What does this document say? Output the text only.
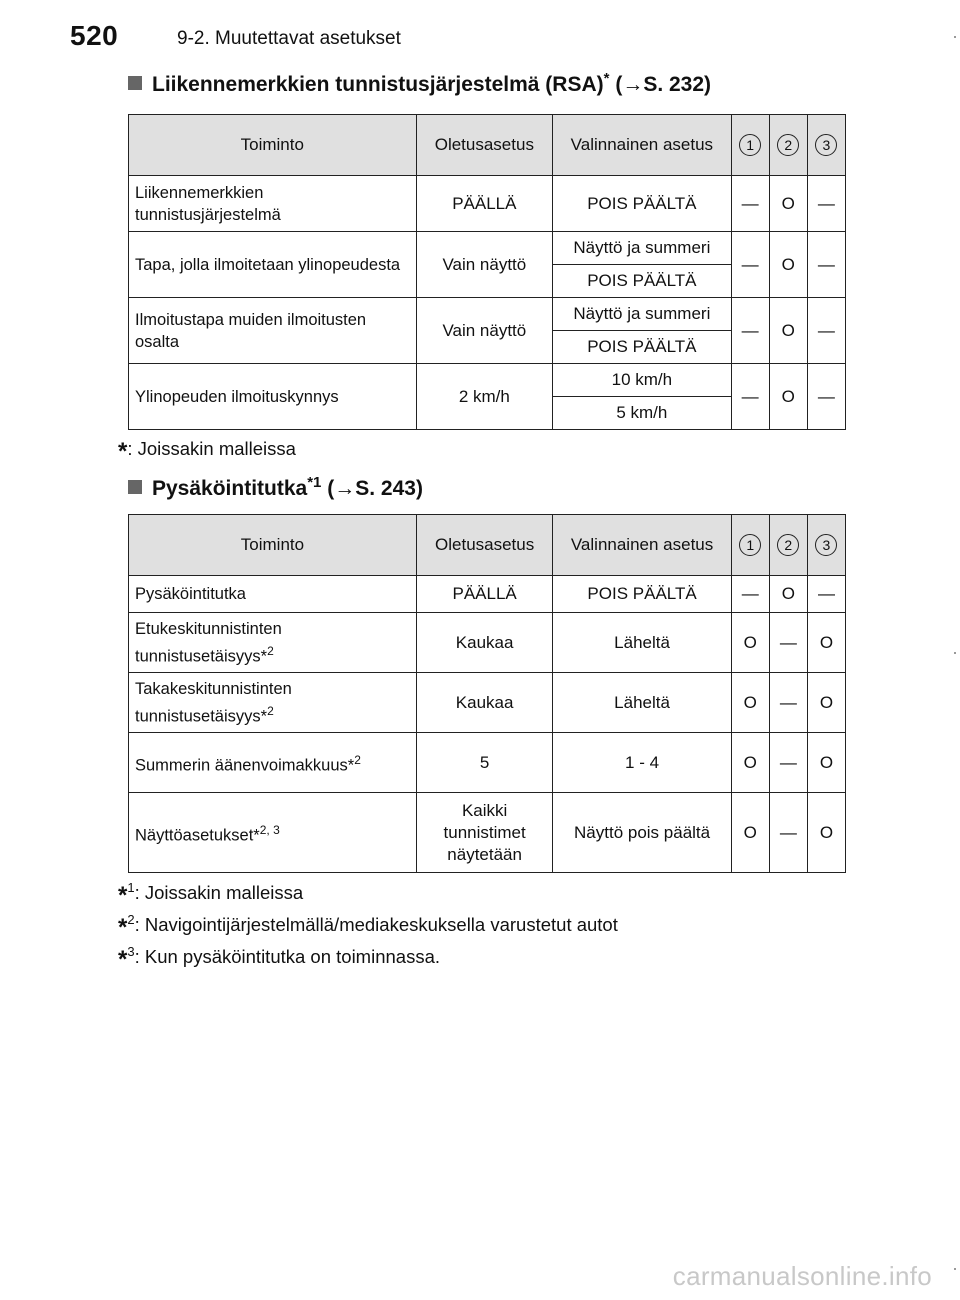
520	9-2. Muutettavat asetukset
Liikennemerkkien tunnistusjärjestelmä (RSA)* (→S. 232)
Toiminto	Oletusasetus	Valinnainen asetus	1	2	3
Liikennemerkkien tunnistusjärjestelmä	PÄÄLLÄ	POIS PÄÄLTÄ	—	O	—
Tapa, jolla ilmoitetaan ylinopeudesta	Vain näyttö	Näyttö ja summeri	—	O	—
		POIS PÄÄLTÄ			
Ilmoitustapa muiden ilmoitusten osalta	Vain näyttö	Näyttö ja summeri	—	O	—
		POIS PÄÄLTÄ			
Ylinopeuden ilmoituskynnys	2 km/h	10 km/h	—	O	—
		5 km/h			
*: Joissakin malleissa
Pysäköintitutka$^{*1}$ (→S. 243)
Toiminto	Oletusasetus	Valinnainen asetus	1	2	3
Pysäköintitutka	PÄÄLLÄ	POIS PÄÄLTÄ	—	O	—
Etukeskitunnistinten tunnistusetäisyys*$^2$	Kaukaa	Läheltä	O	—	O
Takakeskitunnistinten tunnistusetäisyys*$^2$	Kaukaa	Läheltä	O	—	O
Summerin äänenvoimakkuus*$^2$	5	1 - 4	O	—	O
Näyttöasetukset*$^{2, 3}$	Kaikki tunnistimet näytetään	Näyttö pois päältä	O	—	O
*$^1$: Joissakin malleissa
*$^2$: Navigointijärjestelmällä/mediakeskuksella varustetut autot
*$^3$: Kun pysäköintitutka on toiminnassa.
carmanualsonline.info
